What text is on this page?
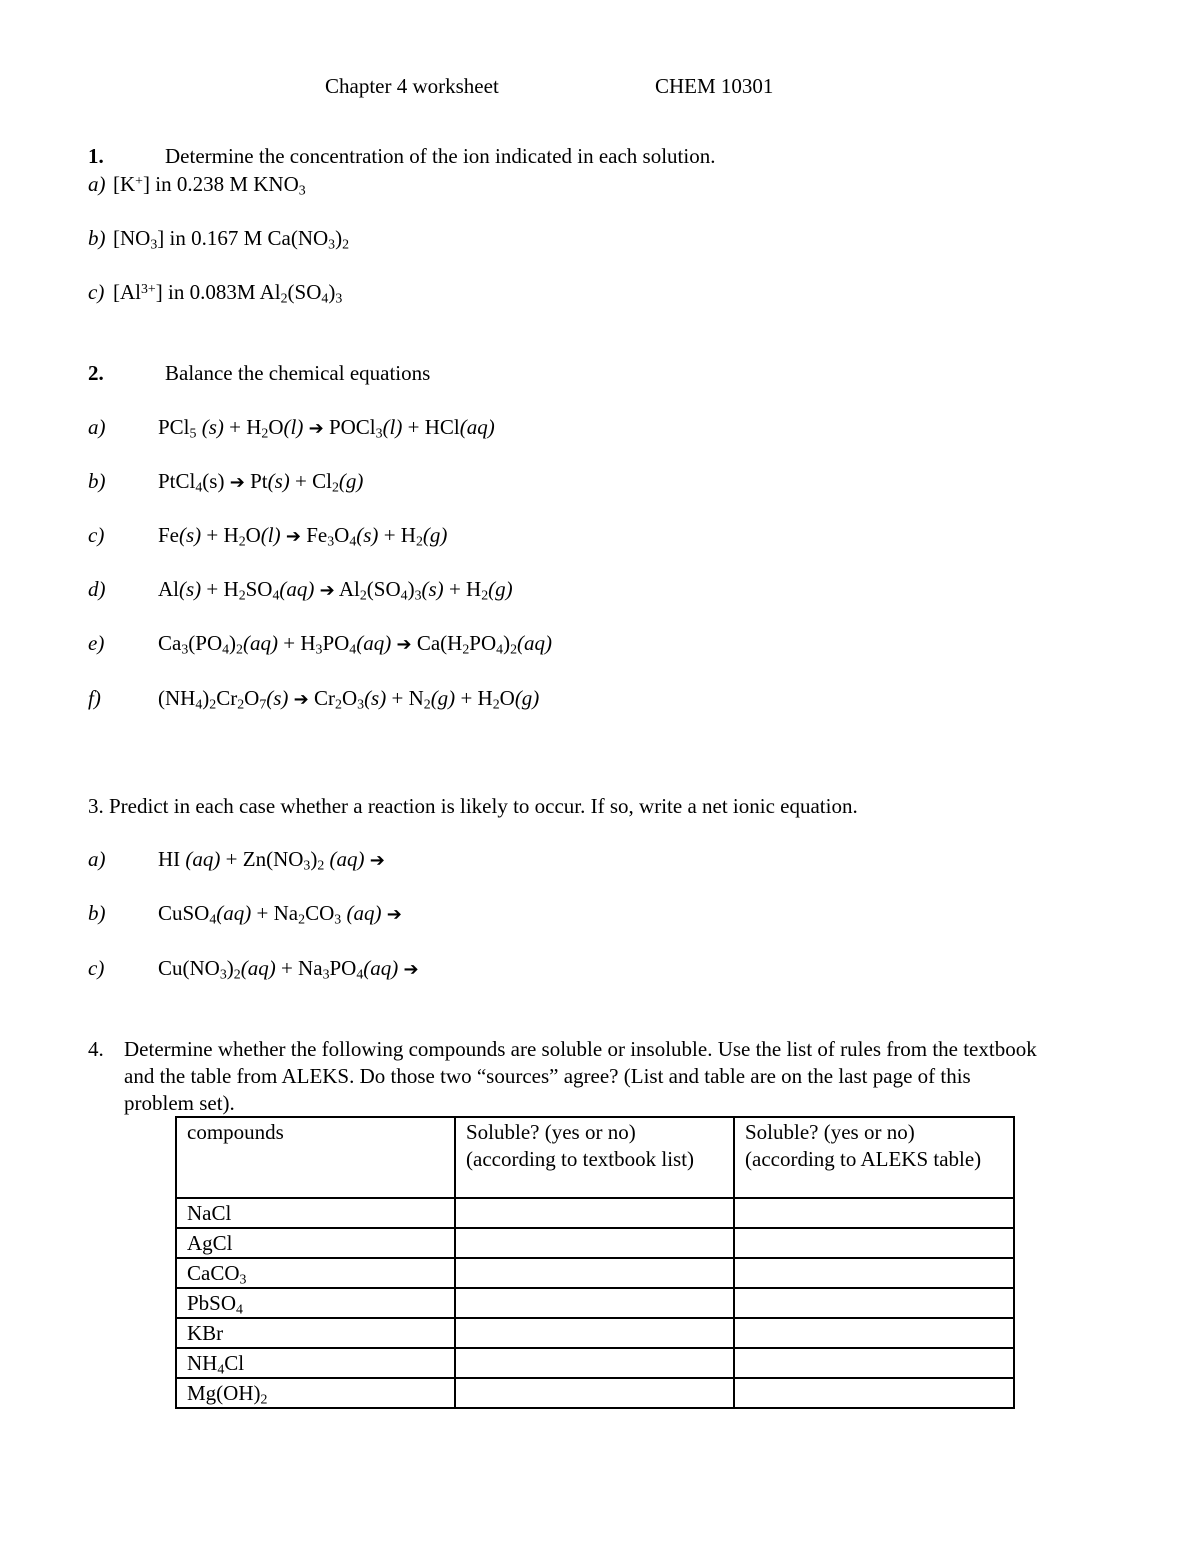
Chapter 4 worksheet	CHEM 10301
1.	Determine the concentration of the ion indicated in each solution.
a) [K+] in 0.238 M $KNO_3$
b) $[NO_3]$ in 0.167 M $Ca(NO_3)_2$
c) $[Al^{3+}]$ in 0.083M $Al_2(SO_4)_3$
2.	Balance the chemical equations
a)	PCl$_5$ $(s) + H_2O(l)$ ➔ POCl$_3$(l) + HCl(aq)
b)	PtCl$_4$(s) ➔ $Pt(s) + Cl_2(g)$
c)	$Fe(s) + H_2O(l)$ ➔ $Fe_3O_4(s) + H_2(g)$
d)	$Al(s) + H_2SO_4(aq)$ ➔ $Al_2(SO_4)_3(s) + H_2(g)$
e)	$Ca_3(PO_4)_2(aq) + H_3PO_4(aq)$ ➔ $Ca(H_2PO_4)_2(aq)$
f)	$(NH_4)_2Cr_2O_7(s)$ ➔ $Cr_2O_3(s) + N_2(g) + H_2O(g)$
3. Predict in each case whether a reaction is likely to occur. If so, write a net ionic equation.
a)	HI $(aq) + Zn(NO_3)_2$ (aq) ➔
b)	CuSO$_4$(aq) + $Na_2CO_3$ (aq) ➔
c)	$Cu(NO_3)_2(aq) + Na_3PO_4(aq)$ ➔
4. Determine whether the following compounds are soluble or insoluble. Use the list of rules from the textbook and the table from ALEKS. Do those two “sources” agree? (List and table are on the last page of this problem set).
compounds	Soluble? (yes or no) (according to textbook list)	Soluble? (yes or no) (according to ALEKS table)
NaCl		
AgCl		
CaCO$_3$		
PbSO$_4$		
KBr		
$NH_4Cl$		
$Mg(OH)_2$		
